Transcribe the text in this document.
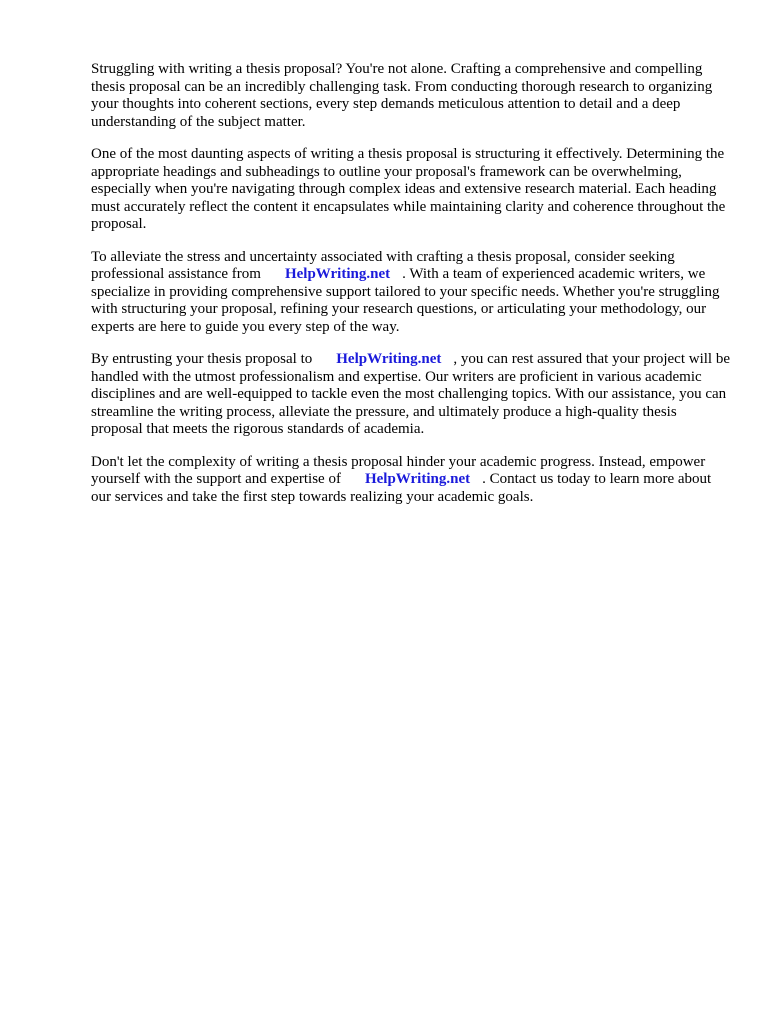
Struggling with writing a thesis proposal? You're not alone. Crafting a comprehensive and compelling thesis proposal can be an incredibly challenging task. From conducting thorough research to organizing your thoughts into coherent sections, every step demands meticulous attention to detail and a deep understanding of the subject matter.

One of the most daunting aspects of writing a thesis proposal is structuring it effectively. Determining the appropriate headings and subheadings to outline your proposal's framework can be overwhelming, especially when you're navigating through complex ideas and extensive research material. Each heading must accurately reflect the content it encapsulates while maintaining clarity and coherence throughout the proposal.

To alleviate the stress and uncertainty associated with crafting a thesis proposal, consider seeking professional assistance from HelpWriting.net . With a team of experienced academic writers, we specialize in providing comprehensive support tailored to your specific needs. Whether you're struggling with structuring your proposal, refining your research questions, or articulating your methodology, our experts are here to guide you every step of the way.

By entrusting your thesis proposal to HelpWriting.net , you can rest assured that your project will be handled with the utmost professionalism and expertise. Our writers are proficient in various academic disciplines and are well-equipped to tackle even the most challenging topics. With our assistance, you can streamline the writing process, alleviate the pressure, and ultimately produce a high-quality thesis proposal that meets the rigorous standards of academia.

Don't let the complexity of writing a thesis proposal hinder your academic progress. Instead, empower yourself with the support and expertise of HelpWriting.net . Contact us today to learn more about our services and take the first step towards realizing your academic goals.
